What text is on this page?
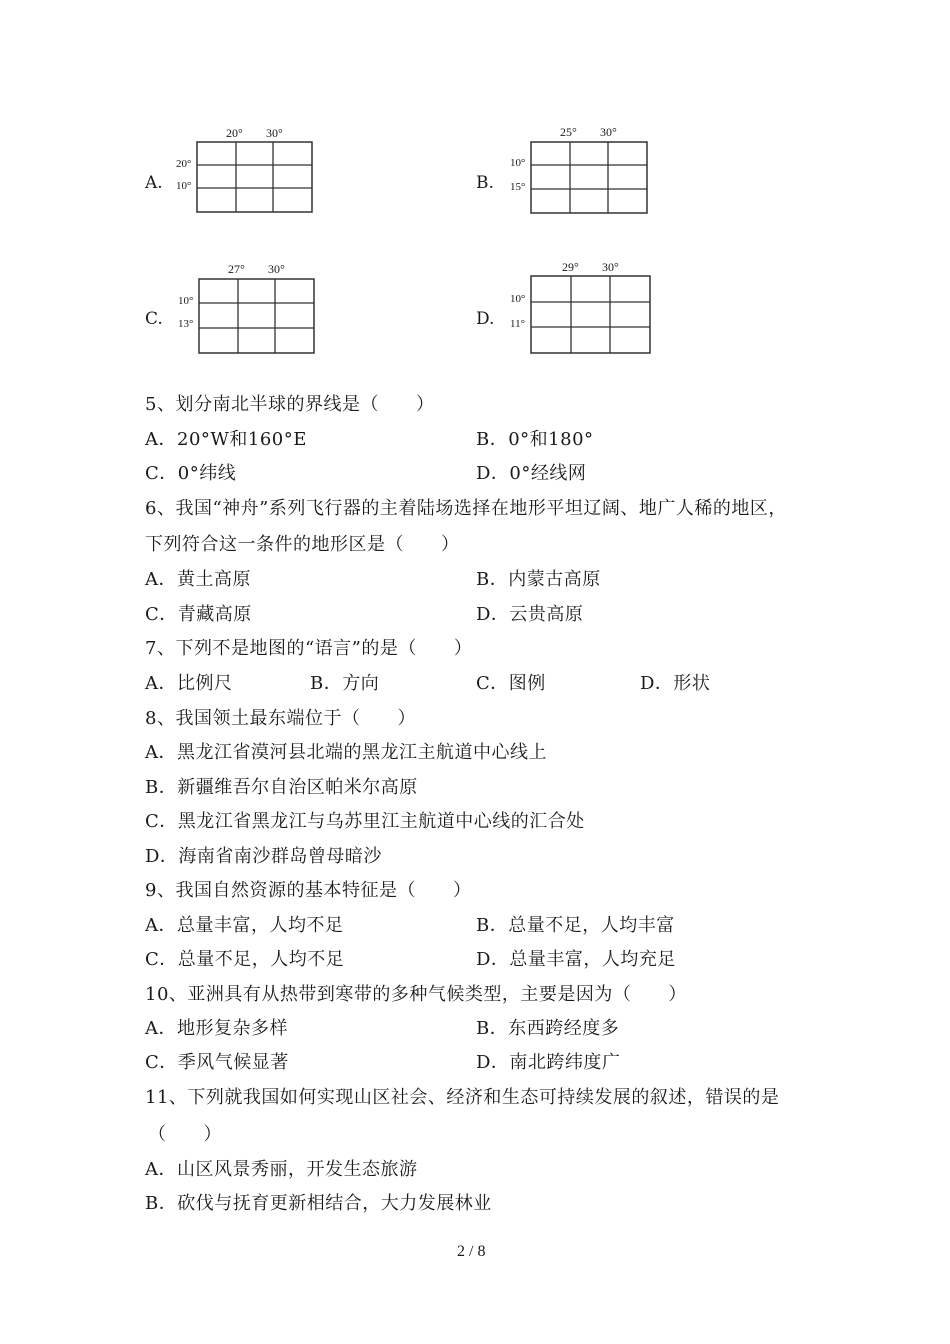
A.
20° 30°
20°
10°	B.
25° 30°
10°
15°
C.
27° 30°
10°
13°	D.
29° 30°
10°
11°
5、划分南北半球的界线是（　　）
A．20°W和160°E	B．0°和180°
C．0°纬线	D．0°经线网
6、我国“神舟”系列飞行器的主着陆场选择在地形平坦辽阔、地广人稀的地区，
下列符合这一条件的地形区是（　　）
A．黄土高原	B．内蒙古高原
C．青藏高原	D．云贵高原
7、下列不是地图的“语言”的是（　　）
A．比例尺	B．方向	C．图例	D．形状
8、我国领土最东端位于（　　）
A．黑龙江省漠河县北端的黑龙江主航道中心线上
B．新疆维吾尔自治区帕米尔高原
C．黑龙江省黑龙江与乌苏里江主航道中心线的汇合处
D．海南省南沙群岛曾母暗沙
9、我国自然资源的基本特征是（　　）
A．总量丰富，人均不足	B．总量不足，人均丰富
C．总量不足，人均不足	D．总量丰富，人均充足
10、亚洲具有从热带到寒带的多种气候类型，主要是因为（　　）
A．地形复杂多样	B．东西跨经度多
C．季风气候显著	D．南北跨纬度广
11、下列就我国如何实现山区社会、经济和生态可持续发展的叙述，错误的是
（　　）
A．山区风景秀丽，开发生态旅游
B．砍伐与抚育更新相结合，大力发展林业
2 / 8
